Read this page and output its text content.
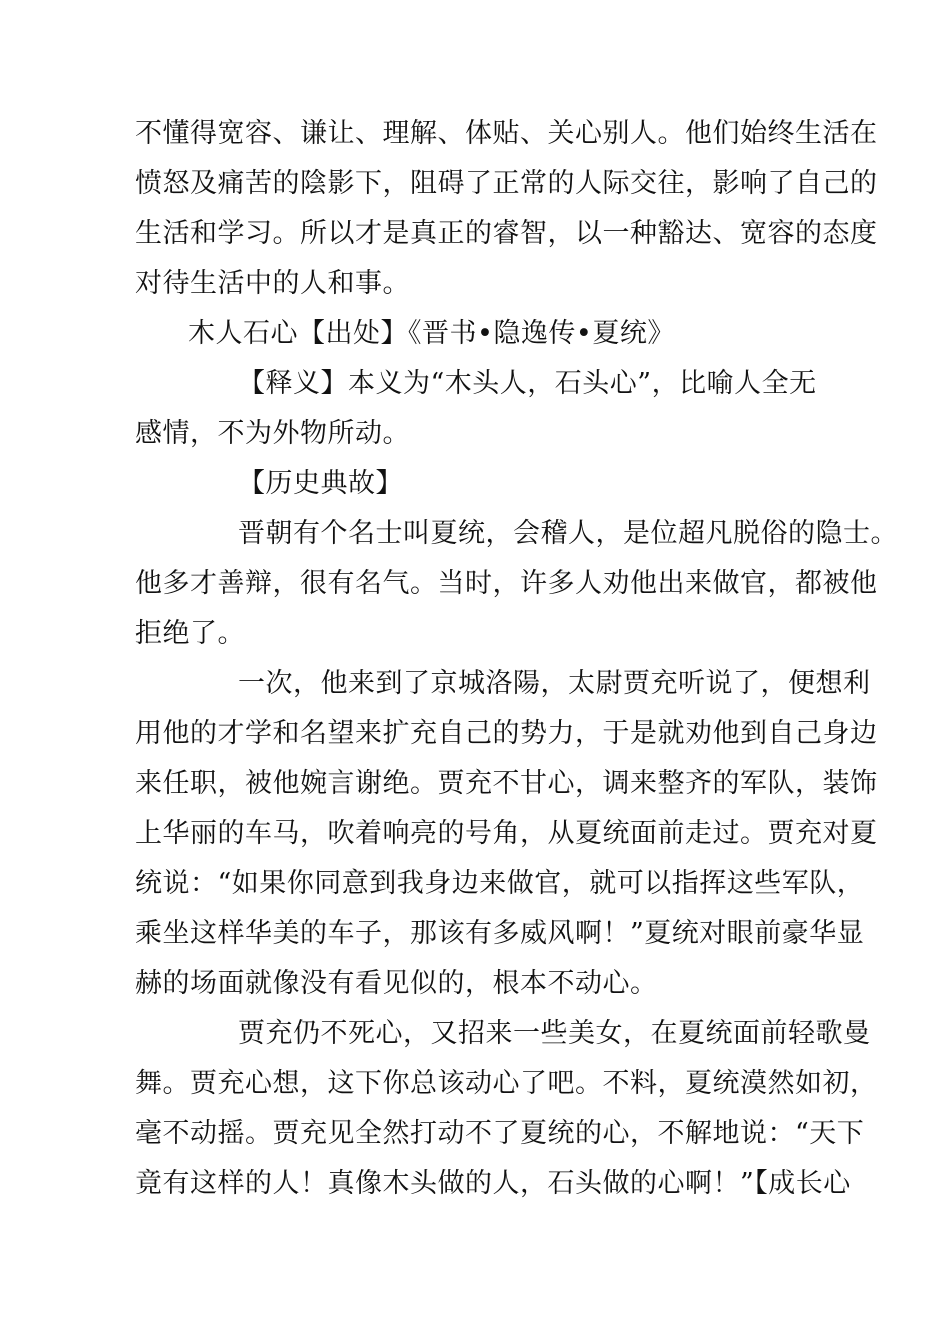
不懂得宽容、谦让、理解、体贴、关心别人。他们始终生活在
愤怒及痛苦的陰影下，阻碍了正常的人际交往，影响了自己的
生活和学习。所以才是真正的睿智，以一种豁达、宽容的态度
对待生活中的人和事。
木人石心【出处】《晋书•隐逸传•夏统》
【释义】本义为“木头人，石头心”，比喻人全无
感情，不为外物所动。
【历史典故】
晋朝有个名士叫夏统，会稽人，是位超凡脱俗的隐士。
他多才善辩，很有名气。当时，许多人劝他出来做官，都被他
拒绝了。
一次，他来到了京城洛陽，太尉贾充听说了，便想利
用他的才学和名望来扩充自己的势力，于是就劝他到自己身边
来任职，被他婉言谢绝。贾充不甘心，调来整齐的军队，装饰
上华丽的车马，吹着响亮的号角，从夏统面前走过。贾充对夏
统说：“如果你同意到我身边来做官，就可以指挥这些军队，
乘坐这样华美的车子，那该有多威风啊！”夏统对眼前豪华显
赫的场面就像没有看见似的，根本不动心。
贾充仍不死心，又招来一些美女，在夏统面前轻歌曼
舞。贾充心想，这下你总该动心了吧。不料，夏统漠然如初，
毫不动摇。贾充见全然打动不了夏统的心，不解地说：“天下
竟有这样的人！真像木头做的人，石头做的心啊！”【成长心
